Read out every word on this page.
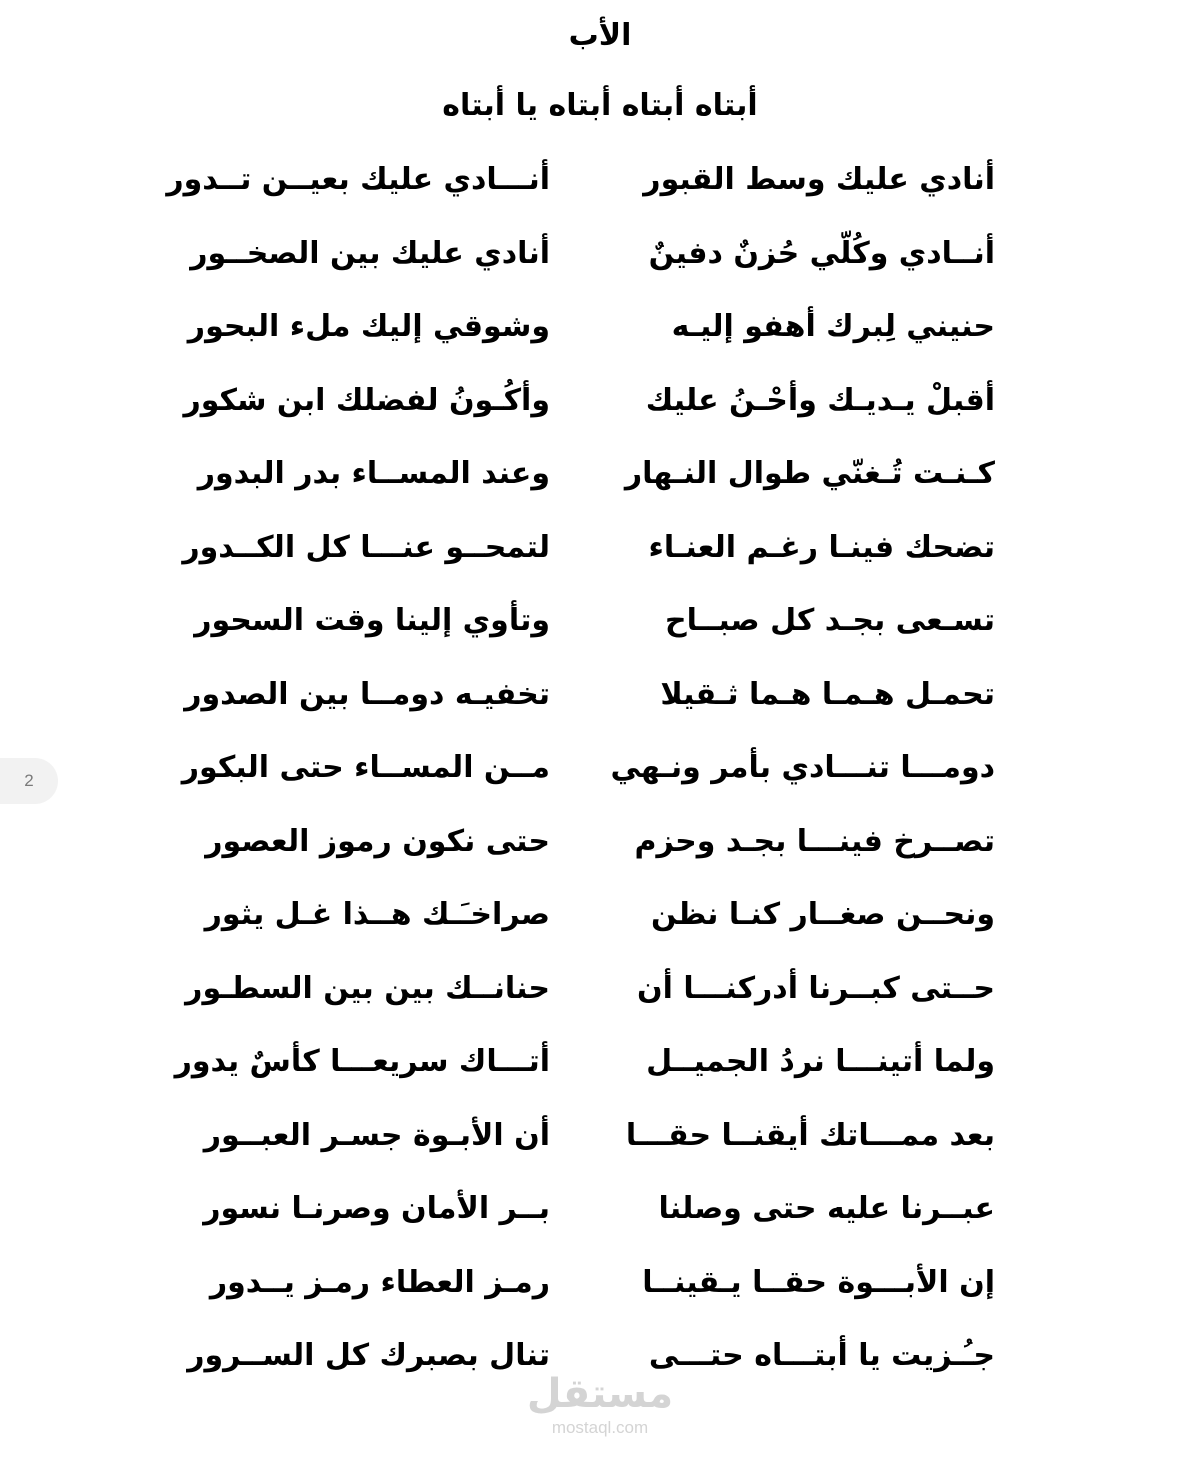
الأب
أبتاه أبتاه أبتاه يا أبتاه
أنادي عليك وسط القبور
أنـــادي عليك بعيــن تــدور
أنــادي وكُلّي حُزنٌ دفينٌ
أنادي عليك بين الصخــور
حنيني لِبرك أهفو إليـه
وشوقي إليك ملء البحور
أقبلْ يـديـك وأحْـنُ عليك
وأكُـونُ لفضلك ابن شكور
كـنـت تُـغنّي طوال النـهار
وعند المســاء بدر البدور
تضحك فينـا رغـم العنـاء
لتمحــو عنـــا كل الكــدور
تسـعى بجـد كل صبــاح
وتأوي إلينا وقت السحور
تحمـل هـمـا هـما ثـقيلا
تخفيـه دومــا بين الصدور
دومـــا تنـــادي بأمر ونـهي
مــن المســاء حتى البكور
تصــرخ فينـــا بجـد وحزم
حتى نكون رموز العصور
ونحــن صغــار كنـا نظن
صراخـَـك هــذا غـل يثور
حــتى كبــرنا أدركنـــا أن
حنانــك بين بين السطـور
ولما أتينـــا نردُ الجميــل
أتـــاك سريعـــا كأسٌ يدور
بعد ممـــاتك أيقنــا حقـــا
أن الأبـوة جسـر العبــور
عبــرنا عليه حتى وصلنا
بــر الأمان وصرنـا نسور
إن الأبـــوة حقــا يـقينــا
رمـز العطاء رمـز يــدور
جـُـزيت يا أبتـــاه حتـــى
تنال بصبرك كل الســرور
2
مستقل
mostaql.com
